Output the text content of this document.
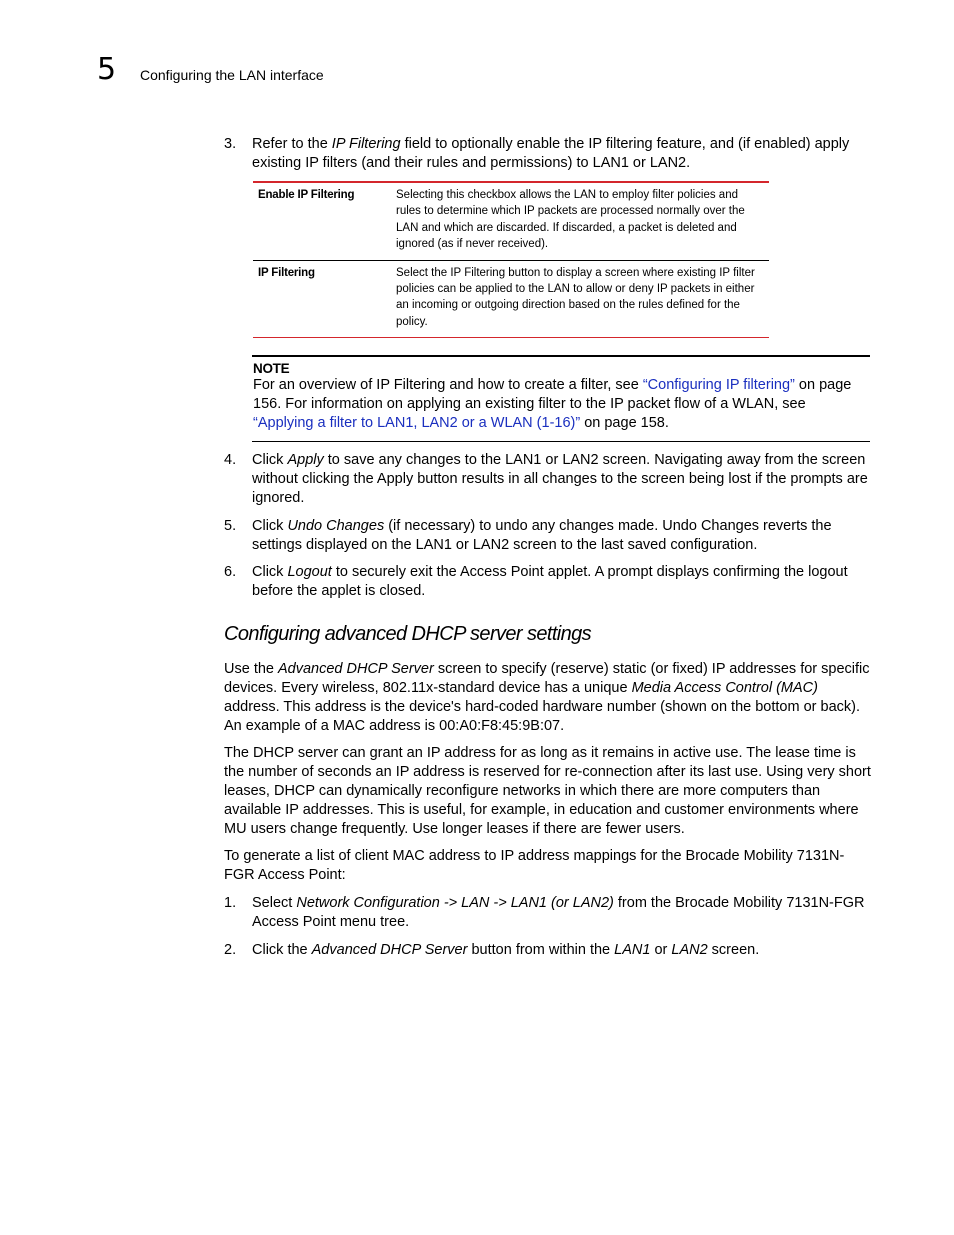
5 Configuring the LAN interface
3. Refer to the IP Filtering field to optionally enable the IP filtering feature, and (if enabled) apply existing IP filters (and their rules and permissions) to LAN1 or LAN2.
Enable IP Filtering	Selecting this checkbox allows the LAN to employ filter policies and rules to determine which IP packets are processed normally over the LAN and which are discarded. If discarded, a packet is deleted and ignored (as if never received).
IP Filtering	Select the IP Filtering button to display a screen where existing IP filter policies can be applied to the LAN to allow or deny IP packets in either an incoming or outgoing direction based on the rules defined for the policy.
NOTE
For an overview of IP Filtering and how to create a filter, see “Configuring IP filtering” on page 156. For information on applying an existing filter to the IP packet flow of a WLAN, see “Applying a filter to LAN1, LAN2 or a WLAN (1-16)” on page 158.
4. Click Apply to save any changes to the LAN1 or LAN2 screen. Navigating away from the screen without clicking the Apply button results in all changes to the screen being lost if the prompts are ignored.
5. Click Undo Changes (if necessary) to undo any changes made. Undo Changes reverts the settings displayed on the LAN1 or LAN2 screen to the last saved configuration.
6. Click Logout to securely exit the Access Point applet. A prompt displays confirming the logout before the applet is closed.
Configuring advanced DHCP server settings
Use the Advanced DHCP Server screen to specify (reserve) static (or fixed) IP addresses for specific devices. Every wireless, 802.11x-standard device has a unique Media Access Control (MAC) address. This address is the device's hard-coded hardware number (shown on the bottom or back). An example of a MAC address is 00:A0:F8:45:9B:07.
The DHCP server can grant an IP address for as long as it remains in active use. The lease time is the number of seconds an IP address is reserved for re-connection after its last use. Using very short leases, DHCP can dynamically reconfigure networks in which there are more computers than available IP addresses. This is useful, for example, in education and customer environments where MU users change frequently. Use longer leases if there are fewer users.
To generate a list of client MAC address to IP address mappings for the Brocade Mobility 7131N-FGR Access Point:
1. Select Network Configuration -> LAN -> LAN1 (or LAN2) from the Brocade Mobility 7131N-FGR Access Point menu tree.
2. Click the Advanced DHCP Server button from within the LAN1 or LAN2 screen.
